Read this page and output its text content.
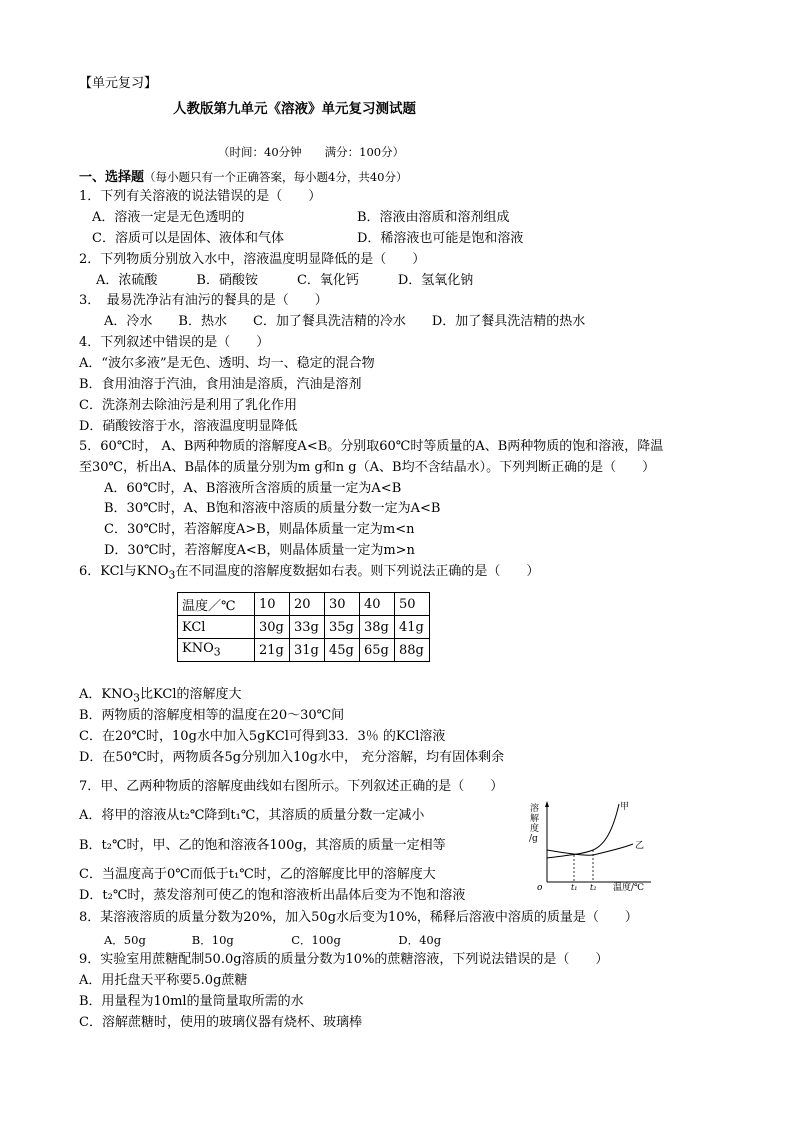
【单元复习】
人教版第九单元《溶液》单元复习测试题
（时间：40分钟　　满分：100分）
一、选择题（每小题只有一个正确答案，每小题4分，共40分）
1．下列有关溶液的说法错误的是（　　）
A．溶液一定是无色透明的	B．溶液由溶质和溶剂组成
C．溶质可以是固体、液体和气体	D．稀溶液也可能是饱和溶液
2．下列物质分别放入水中，溶液温度明显降低的是（　　）
A．浓硫酸　　　B．硝酸铵　　　C．氧化钙　　　D．氢氧化钠
3．　最易洗净沾有油污的餐具的是（　　）
A．冷水　　B．热水　　C．加了餐具洗洁精的冷水　　D．加了餐具洗洁精的热水
4．下列叙述中错误的是（　　）
A．“波尔多液”是无色、透明、均一、稳定的混合物
B．食用油溶于汽油，食用油是溶质，汽油是溶剂
C．洗涤剂去除油污是利用了乳化作用
D．硝酸铵溶于水，溶液温度明显降低
5．60℃时， A、B两种物质的溶解度A<B。分别取60℃时等质量的A、B两种物质的饱和溶液，降温
至30℃，析出A、B晶体的质量分别为m g和n g（A、B均不含结晶水）。下列判断正确的是（　　）
A．60℃时，A、B溶液所含溶质的质量一定为A<B
B．30℃时，A、B饱和溶液中溶质的质量分数一定为A<B
C．30℃时，若溶解度A>B，则晶体质量一定为m<n
D．30℃时，若溶解度A<B，则晶体质量一定为m>n
6．KCl与$KNO_3$在不同温度的溶解度数据如右表。则下列说法正确的是（　　）
温度／℃	10	20	30	40	50
KCl	30g	33g	35g	38g	41g
$KNO_3$	21g	31g	45g	65g	88g
A．$KNO_3$比KCl的溶解度大
B．两物质的溶解度相等的温度在20～30℃间
C．在20℃时，10g水中加入5gKCl可得到33．3％ 的KCl溶液
D．在50℃时，两物质各5g分别加入10g水中， 充分溶解，均有固体剩余
7．甲、乙两种物质的溶解度曲线如右图所示。下列叙述正确的是（　　）
A．将甲的溶液从t₂℃降到t₁℃，其溶质的质量分数一定减小
B．t₂℃时，甲、乙的饱和溶液各100g，其溶质的质量一定相等
C．当温度高于0℃而低于t₁℃时，乙的溶解度比甲的溶解度大
D．t₂℃时，蒸发溶剂可使乙的饱和溶液析出晶体后变为不饱和溶液
溶
解
度
/g
o	t₁ t₂ 温度/℃
甲
乙
8．某溶液溶质的质量分数为20%，加入50g水后变为10%，稀释后溶液中溶质的质量是（　　）
A．50g　　　　B．10g　　　　　C．100g　　　　　D．40g
9．实验室用蔗糖配制50.0g溶质的质量分数为10%的蔗糖溶液，下列说法错误的是（　　）
A．用托盘天平称要5.0g蔗糖
B．用量程为10ml的量筒量取所需的水
C．溶解蔗糖时，使用的玻璃仪器有烧杯、玻璃棒
